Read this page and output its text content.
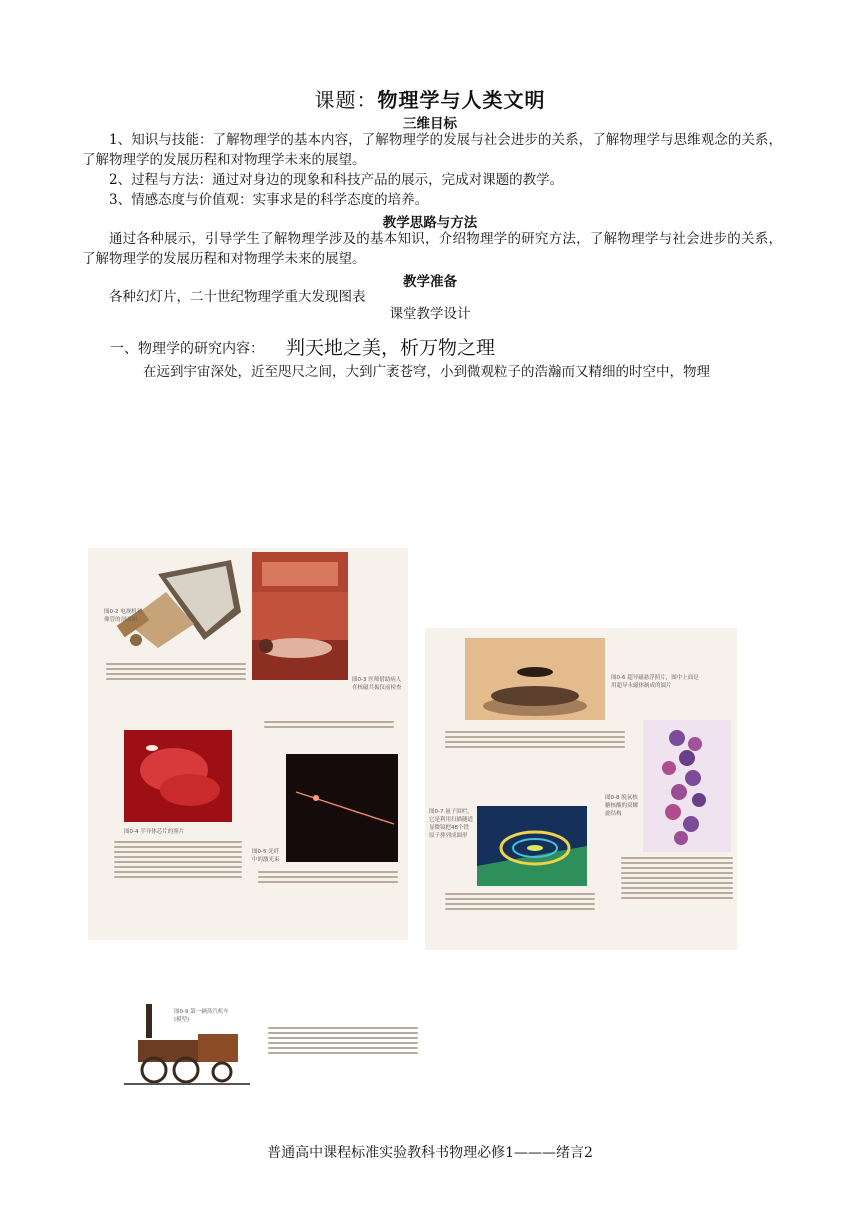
课题：物理学与人类文明
三维目标
1、知识与技能：了解物理学的基本内容，了解物理学的发展与社会进步的关系，了解物理学与思维观念的关系，了解物理学的发展历程和对物理学未来的展望。
2、过程与方法：通过对身边的现象和科技产品的展示，完成对课题的教学。
3、情感态度与价值观：实事求是的科学态度的培养。
教学思路与方法
通过各种展示，引导学生了解物理学涉及的基本知识，介绍物理学的研究方法，了解物理学与社会进步的关系，了解物理学的发展历程和对物理学未来的展望。
教学准备
各种幻灯片，二十世纪物理学重大发现图表
课堂教学设计
一、物理学的研究内容： 判天地之美，析万物之理
在远到宇宙深处，近至咫尺之间，大到广袤苍穹，小到微观粒子的浩瀚而又精细的时空中，物理
图0-2 电视机显像管的剖面图
图0-3 医师借助病人在核磁共振仪前检查
图0-4 半导体芯片的照片
图0-5 光纤中的激光束
图0-6 超导磁悬浮照片，图中上面是用超导永磁体制成的圆片
图0-8 脱氧核糖核酸的双螺旋结构
图0-7 量子围栏，它是利用扫描隧道显微镜把48个铁原子排列成圆形
图0-9 第一辆蒸汽机车(模型)
普通高中课程标准实验教科书物理必修1———绪言2
